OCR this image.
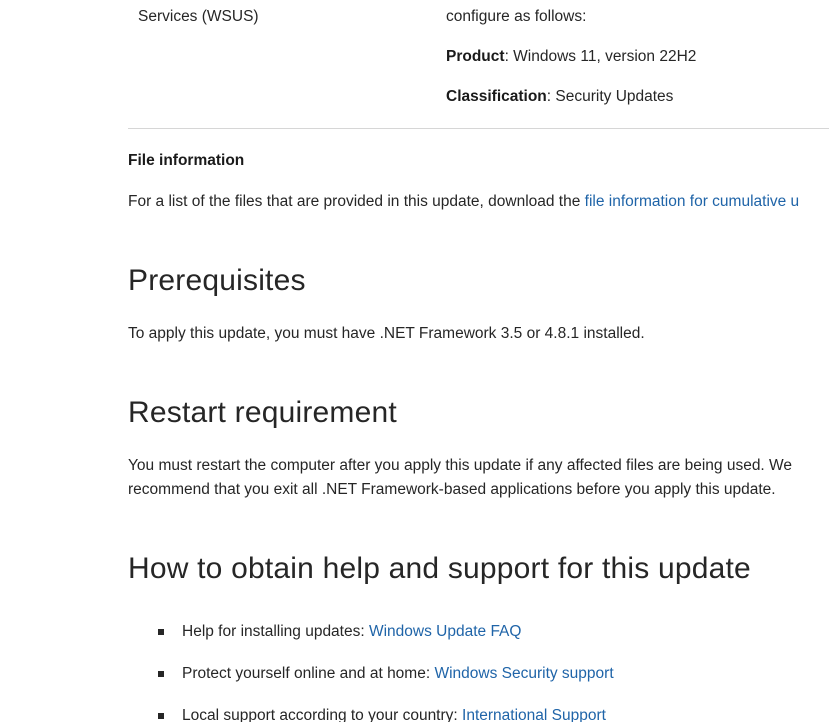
Services (WSUS)	configure as follows:
Product: Windows 11, version 22H2
Classification: Security Updates
File information

For a list of the files that are provided in this update, download the file information for cumulative u

Prerequisites

To apply this update, you must have .NET Framework 3.5 or 4.8.1 installed.

Restart requirement

You must restart the computer after you apply this update if any affected files are being used. We

recommend that you exit all .NET Framework-based applications before you apply this update.

How to obtain help and support for this update
Help for installing updates: Windows Update FAQ
Protect yourself online and at home: Windows Security support
Local support according to your country: International Support
